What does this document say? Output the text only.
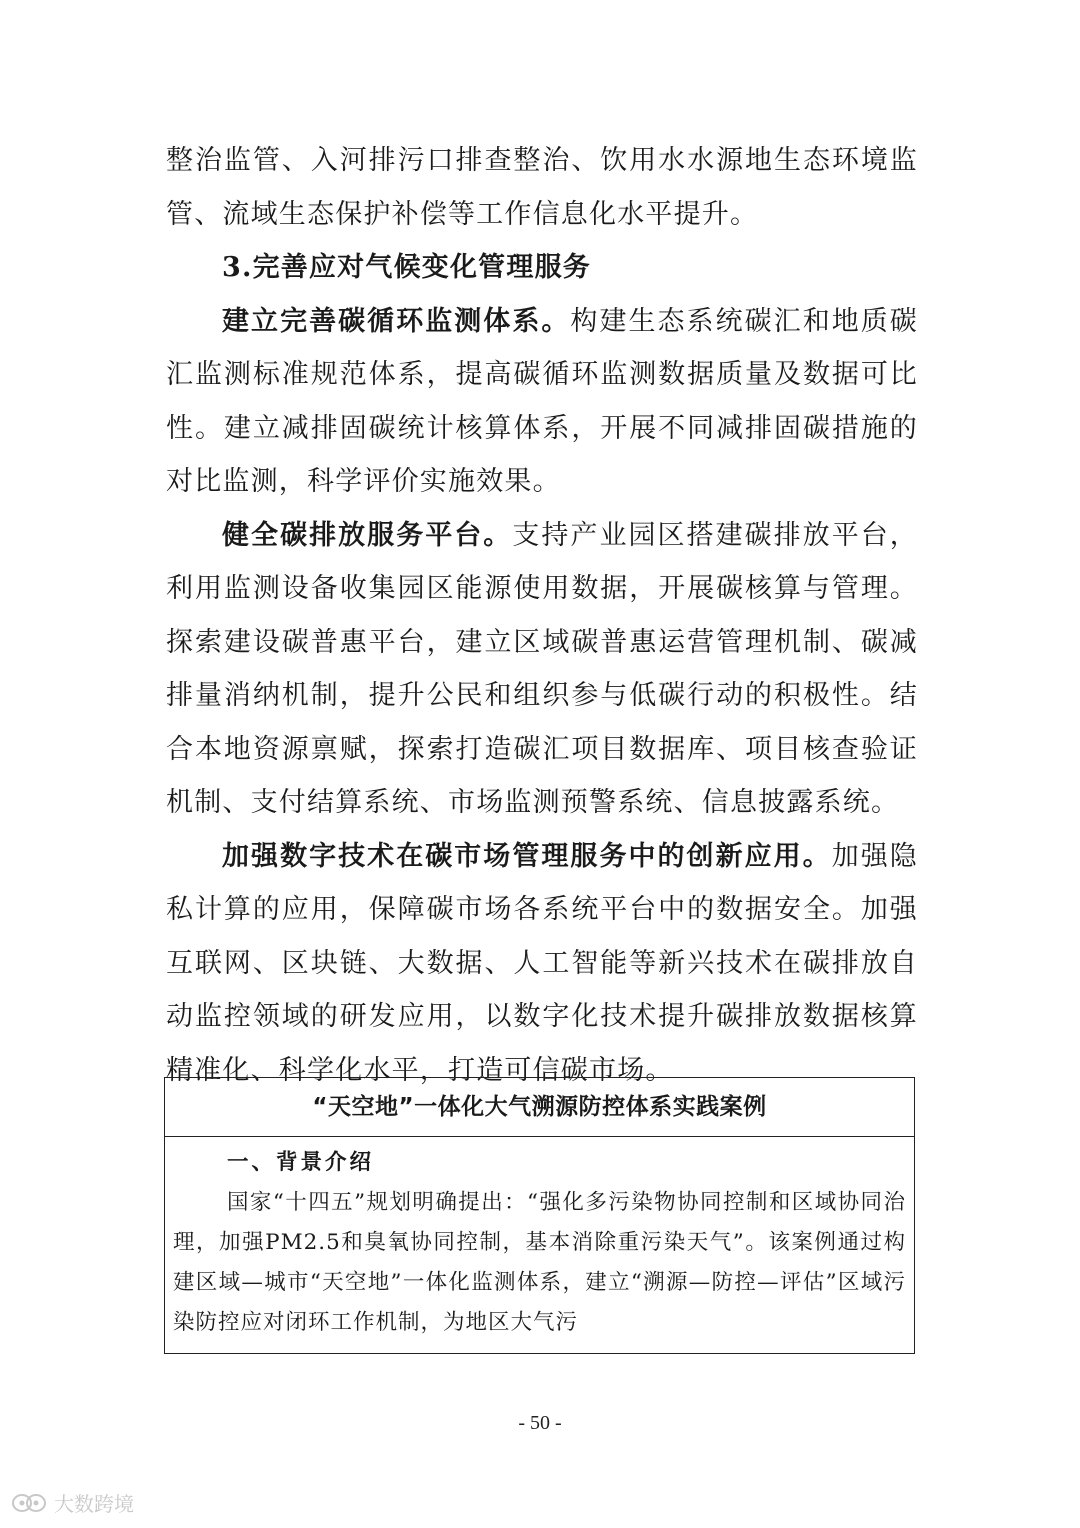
整治监管、入河排污口排查整治、饮用水水源地生态环境监管、流域生态保护补偿等工作信息化水平提升。

3.完善应对气候变化管理服务

建立完善碳循环监测体系。构建生态系统碳汇和地质碳汇监测标准规范体系，提高碳循环监测数据质量及数据可比性。建立减排固碳统计核算体系，开展不同减排固碳措施的对比监测，科学评价实施效果。

健全碳排放服务平台。支持产业园区搭建碳排放平台，利用监测设备收集园区能源使用数据，开展碳核算与管理。探索建设碳普惠平台，建立区域碳普惠运营管理机制、碳减排量消纳机制，提升公民和组织参与低碳行动的积极性。结合本地资源禀赋，探索打造碳汇项目数据库、项目核查验证机制、支付结算系统、市场监测预警系统、信息披露系统。

加强数字技术在碳市场管理服务中的创新应用。加强隐私计算的应用，保障碳市场各系统平台中的数据安全。加强互联网、区块链、大数据、人工智能等新兴技术在碳排放自动监控领域的研发应用，以数字化技术提升碳排放数据核算精准化、科学化水平，打造可信碳市场。

“天空地”一体化大气溯源防控体系实践案例

一、背景介绍

国家“十四五”规划明确提出：“强化多污染物协同控制和区域协同治理，加强PM2.5和臭氧协同控制，基本消除重污染天气”。该案例通过构建区域—城市“天空地”一体化监测体系，建立“溯源—防控—评估”区域污染防控应对闭环工作机制，为地区大气污

- 50 -
大数跨境
